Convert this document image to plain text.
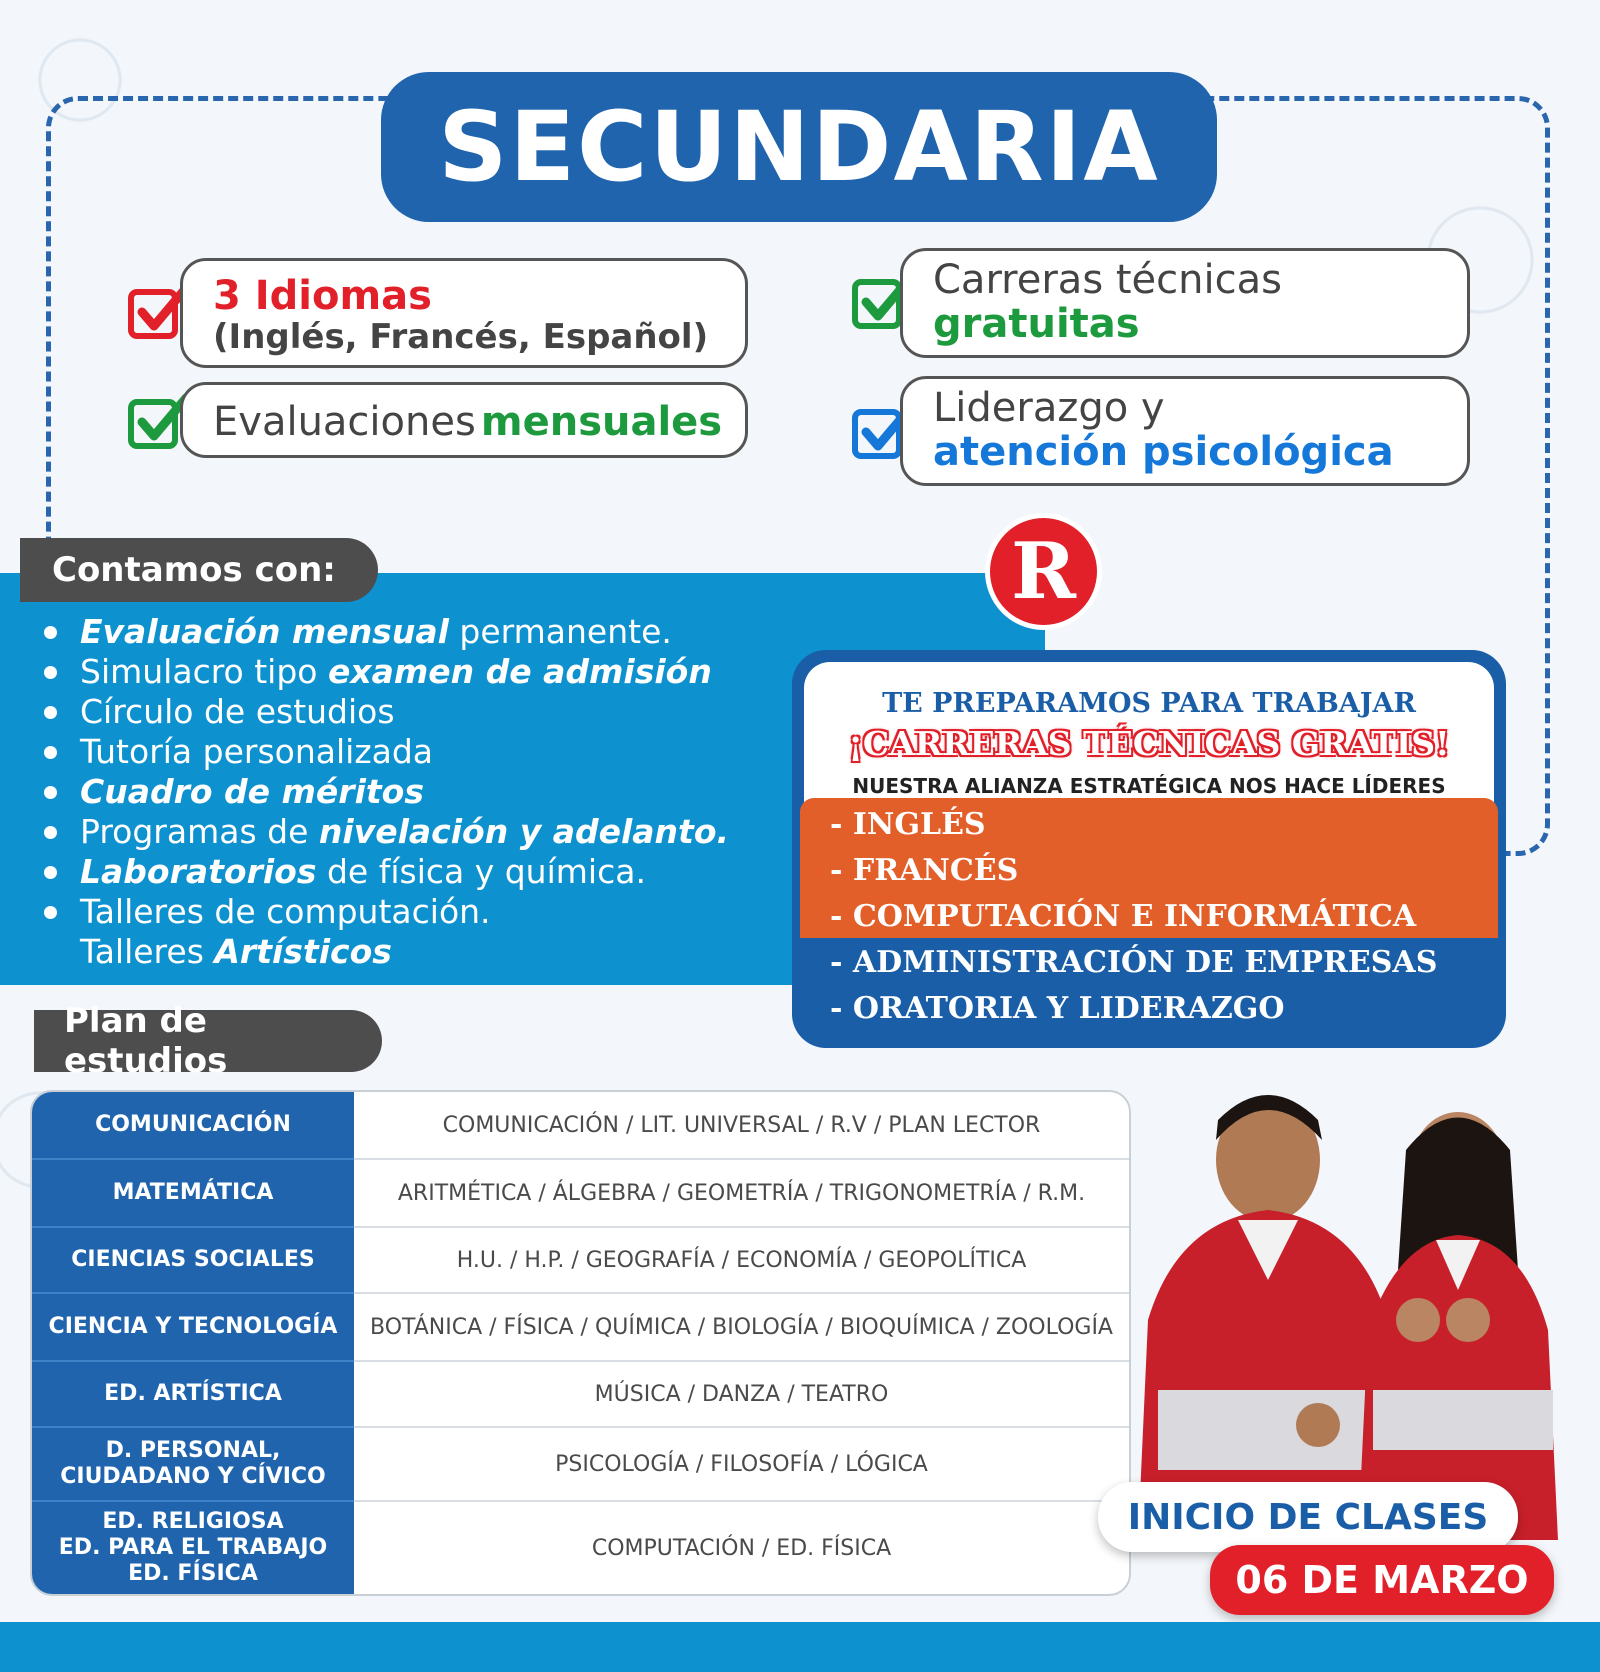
SECUNDARIA
3 Idiomas
(Inglés, Francés, Español)
Evaluaciones mensuales
Carreras técnicas
gratuitas
Liderazgo y
atención psicológica
Contamos con:
Evaluación mensual permanente.
Simulacro tipo examen de admisión
Círculo de estudios
Tutoría personalizada
Cuadro de méritos
Programas de nivelación y adelanto.
Laboratorios de física y química.
Talleres de computación.
Talleres Artísticos
TE PREPARAMOS PARA TRABAJAR
¡CARRERAS TÉCNICAS GRATIS!
NUESTRA ALIANZA ESTRATÉGICA NOS HACE LÍDERES
- INGLÉS
- FRANCÉS
- COMPUTACIÓN E INFORMÁTICA
- ADMINISTRACIÓN DE EMPRESAS
- ORATORIA Y LIDERAZGO
R
Plan de estudios
COMUNICACIÓN	COMUNICACIÓN / LIT. UNIVERSAL / R.V / PLAN LECTOR
MATEMÁTICA	ARITMÉTICA / ÁLGEBRA / GEOMETRÍA / TRIGONOMETRÍA / R.M.
CIENCIAS SOCIALES	H.U. / H.P. / GEOGRAFÍA / ECONOMÍA / GEOPOLÍTICA
CIENCIA Y TECNOLOGÍA	BOTÁNICA / FÍSICA / QUÍMICA / BIOLOGÍA / BIOQUÍMICA / ZOOLOGÍA
ED. ARTÍSTICA	MÚSICA / DANZA / TEATRO

D. PERSONAL,
CIUDADANO Y CÍVICO	PSICOLOGÍA / FILOSOFÍA / LÓGICA

ED. RELIGIOSA
ED. PARA EL TRABAJO
ED. FÍSICA	COMPUTACIÓN / ED. FÍSICA
INICIO DE CLASES
06 DE MARZO
